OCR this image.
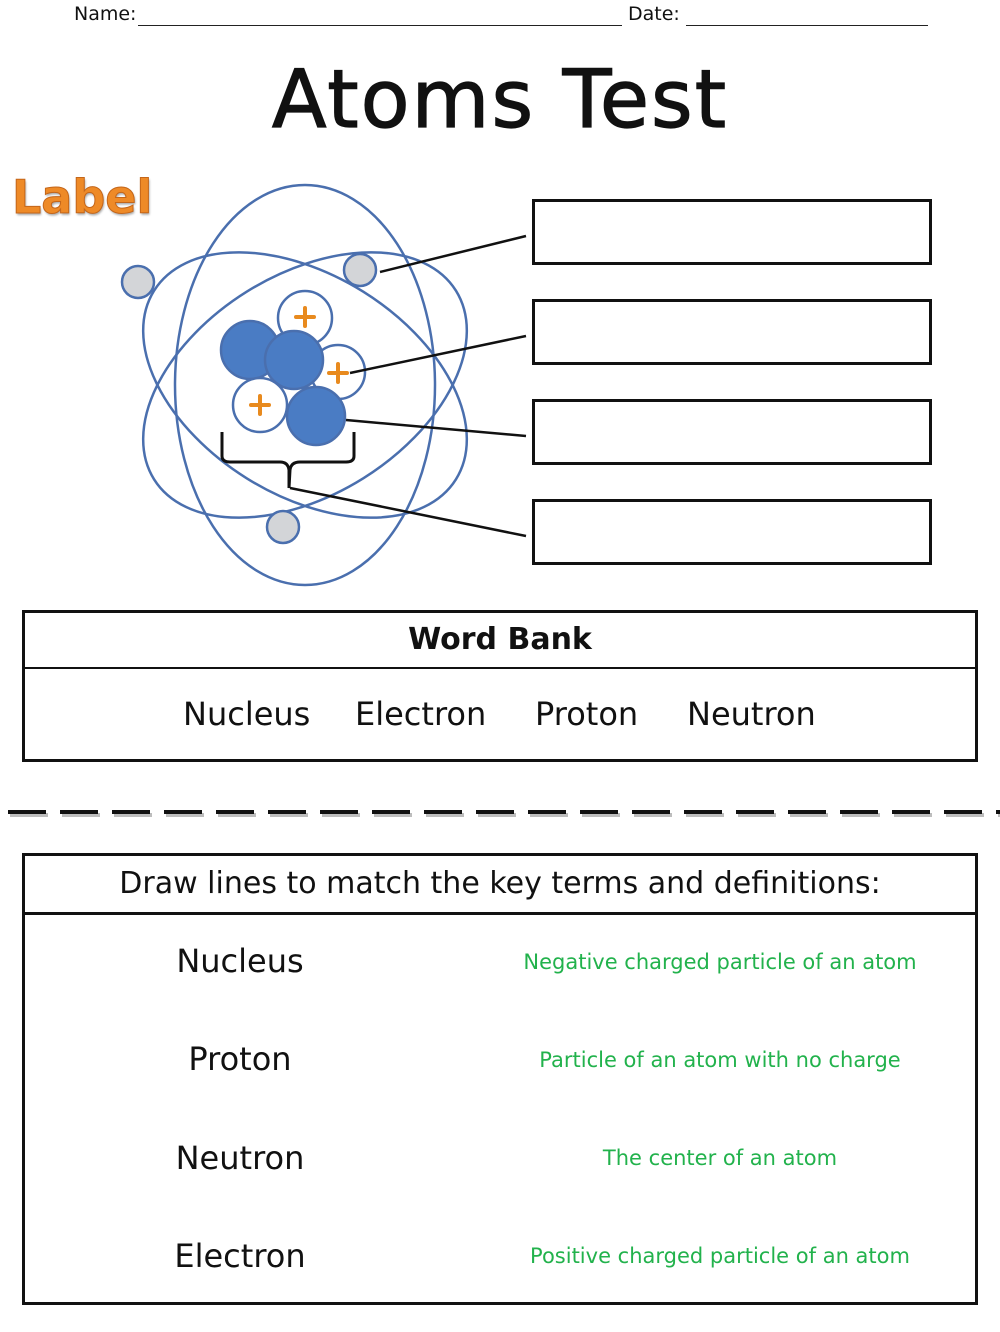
Name:	Date:
Atoms Test
Label
Word Bank
Nucleus Electron Proton Neutron
Draw lines to match the key terms and definitions:
Nucleus
Proton
Neutron
Electron
Negative charged particle of an atom
Particle of an atom with no charge
The center of an atom
Positive charged particle of an atom
